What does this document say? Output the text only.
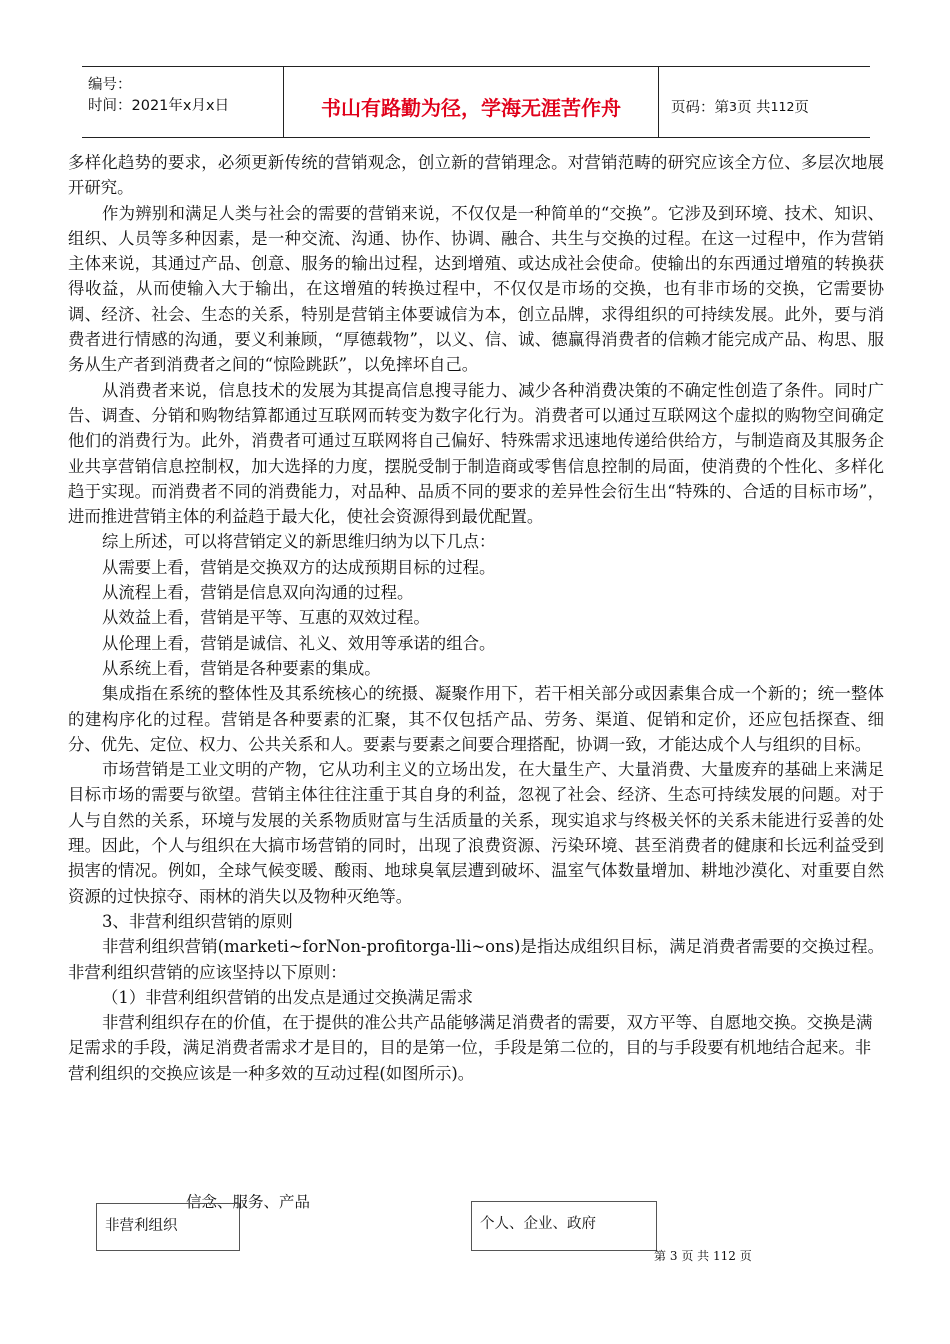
编号：
时间：2021年x月x日	书山有路勤为径，学海无涯苦作舟	页码：第 3 页 共 112 页

多样化趋势的要求，必须更新传统的营销观念，创立新的营销理念。对营销范畴的研究应该全方位、多层次地展开研究。

作为辨别和满足人类与社会的需要的营销来说，不仅仅是一种简单的“交换”。它涉及到环境、技术、知识、组织、人员等多种因素，是一种交流、沟通、协作、协调、融合、共生与交换的过程。在这一过程中，作为营销主体来说，其通过产品、创意、服务的输出过程，达到增殖、或达成社会使命。使输出的东西通过增殖的转换获得收益，从而使输入大于输出，在这增殖的转换过程中，不仅仅是市场的交换，也有非市场的交换，它需要协调、经济、社会、生态的关系，特别是营销主体要诚信为本，创立品牌，求得组织的可持续发展。此外，要与消费者进行情感的沟通，要义利兼顾，“厚德载物”，以义、信、诚、德赢得消费者的信赖才能完成产品、构思、服务从生产者到消费者之间的“惊险跳跃”，以免摔坏自己。

从消费者来说，信息技术的发展为其提高信息搜寻能力、减少各种消费决策的不确定性创造了条件。同时广告、调查、分销和购物结算都通过互联网而转变为数字化行为。消费者可以通过互联网这个虚拟的购物空间确定他们的消费行为。此外，消费者可通过互联网将自己偏好、特殊需求迅速地传递给供给方，与制造商及其服务企业共享营销信息控制权，加大选择的力度，摆脱受制于制造商或零售信息控制的局面，使消费的个性化、多样化趋于实现。而消费者不同的消费能力，对品种、品质不同的要求的差异性会衍生出“特殊的、合适的目标市场”，进而推进营销主体的利益趋于最大化，使社会资源得到最优配置。

综上所述，可以将营销定义的新思维归纳为以下几点：

从需要上看，营销是交换双方的达成预期目标的过程。

从流程上看，营销是信息双向沟通的过程。

从效益上看，营销是平等、互惠的双效过程。

从伦理上看，营销是诚信、礼义、效用等承诺的组合。

从系统上看，营销是各种要素的集成。

集成指在系统的整体性及其系统核心的统摄、凝聚作用下，若干相关部分或因素集合成一个新的；统一整体的建构序化的过程。营销是各种要素的汇聚，其不仅包括产品、劳务、渠道、促销和定价，还应包括探查、细分、优先、定位、权力、公共关系和人。要素与要素之间要合理搭配，协调一致，才能达成个人与组织的目标。

市场营销是工业文明的产物，它从功利主义的立场出发，在大量生产、大量消费、大量废弃的基础上来满足目标市场的需要与欲望。营销主体往往注重于其自身的利益，忽视了社会、经济、生态可持续发展的问题。对于人与自然的关系，环境与发展的关系物质财富与生活质量的关系，现实追求与终极关怀的关系未能进行妥善的处理。因此，个人与组织在大搞市场营销的同时，出现了浪费资源、污染环境、甚至消费者的健康和长远利益受到损害的情况。例如，全球气候变暖、酸雨、地球臭氧层遭到破坏、温室气体数量增加、耕地沙漠化、对重要自然资源的过快掠夺、雨林的消失以及物种灭绝等。

3、非营利组织营销的原则

非营利组织营销(marketi~forNon-profitorga-lli~ons)是指达成组织目标，满足消费者需要的交换过程。非营利组织营销的应该坚持以下原则：

（1）非营利组织营销的出发点是通过交换满足需求

非营利组织存在的价值，在于提供的准公共产品能够满足消费者的需要，双方平等、自愿地交换。交换是满足需求的手段，满足消费者需求才是目的，目的是第一位，手段是第二位的，目的与手段要有机地结合起来。非营利组织的交换应该是一种多效的互动过程(如图所示)。

信念、服务、产品
非营利组织	个人、企业、政府
第 3 页 共 112 页
